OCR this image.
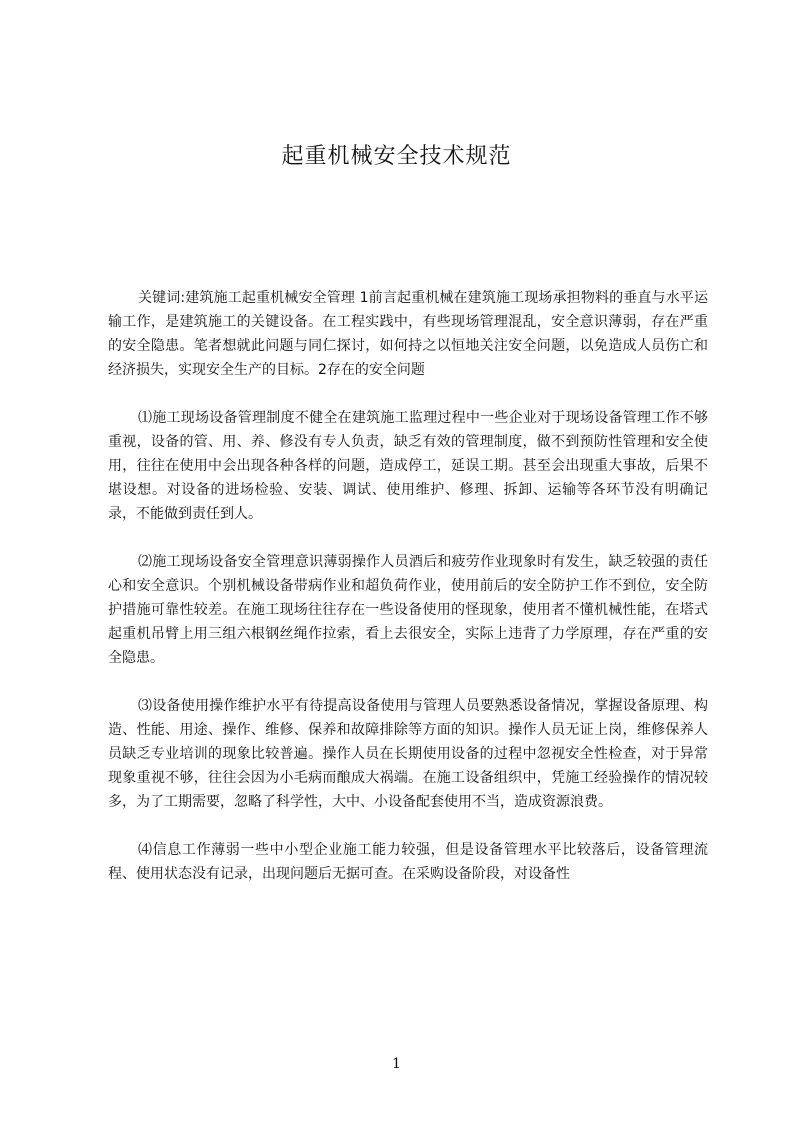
起重机械安全技术规范

关键词:建筑施工起重机械安全管理 1前言起重机械在建筑施工现场承担物料的垂直与水平运输工作，是建筑施工的关键设备。在工程实践中，有些现场管理混乱，安全意识薄弱，存在严重的安全隐患。笔者想就此问题与同仁探讨，如何持之以恒地关注安全问题，以免造成人员伤亡和经济损失，实现安全生产的目标。2存在的安全问题

⑴施工现场设备管理制度不健全在建筑施工监理过程中一些企业对于现场设备管理工作不够重视，设备的管、用、养、修没有专人负责，缺乏有效的管理制度，做不到预防性管理和安全使用，往往在使用中会出现各种各样的问题，造成停工，延误工期。甚至会出现重大事故，后果不堪设想。对设备的进场检验、安装、调试、使用维护、修理、拆卸、运输等各环节没有明确记录，不能做到责任到人。

⑵施工现场设备安全管理意识薄弱操作人员酒后和疲劳作业现象时有发生，缺乏较强的责任心和安全意识。个别机械设备带病作业和超负荷作业，使用前后的安全防护工作不到位，安全防护措施可靠性较差。在施工现场往往存在一些设备使用的怪现象，使用者不懂机械性能，在塔式起重机吊臂上用三组六根钢丝绳作拉索，看上去很安全，实际上违背了力学原理，存在严重的安全隐患。

⑶设备使用操作维护水平有待提高设备使用与管理人员要熟悉设备情况，掌握设备原理、构造、性能、用途、操作、维修、保养和故障排除等方面的知识。操作人员无证上岗，维修保养人员缺乏专业培训的现象比较普遍。操作人员在长期使用设备的过程中忽视安全性检查，对于异常现象重视不够，往往会因为小毛病而酿成大祸端。在施工设备组织中，凭施工经验操作的情况较多，为了工期需要，忽略了科学性，大中、小设备配套使用不当，造成资源浪费。

⑷信息工作薄弱一些中小型企业施工能力较强，但是设备管理水平比较落后，设备管理流程、使用状态没有记录，出现问题后无据可查。在采购设备阶段，对设备性

1
